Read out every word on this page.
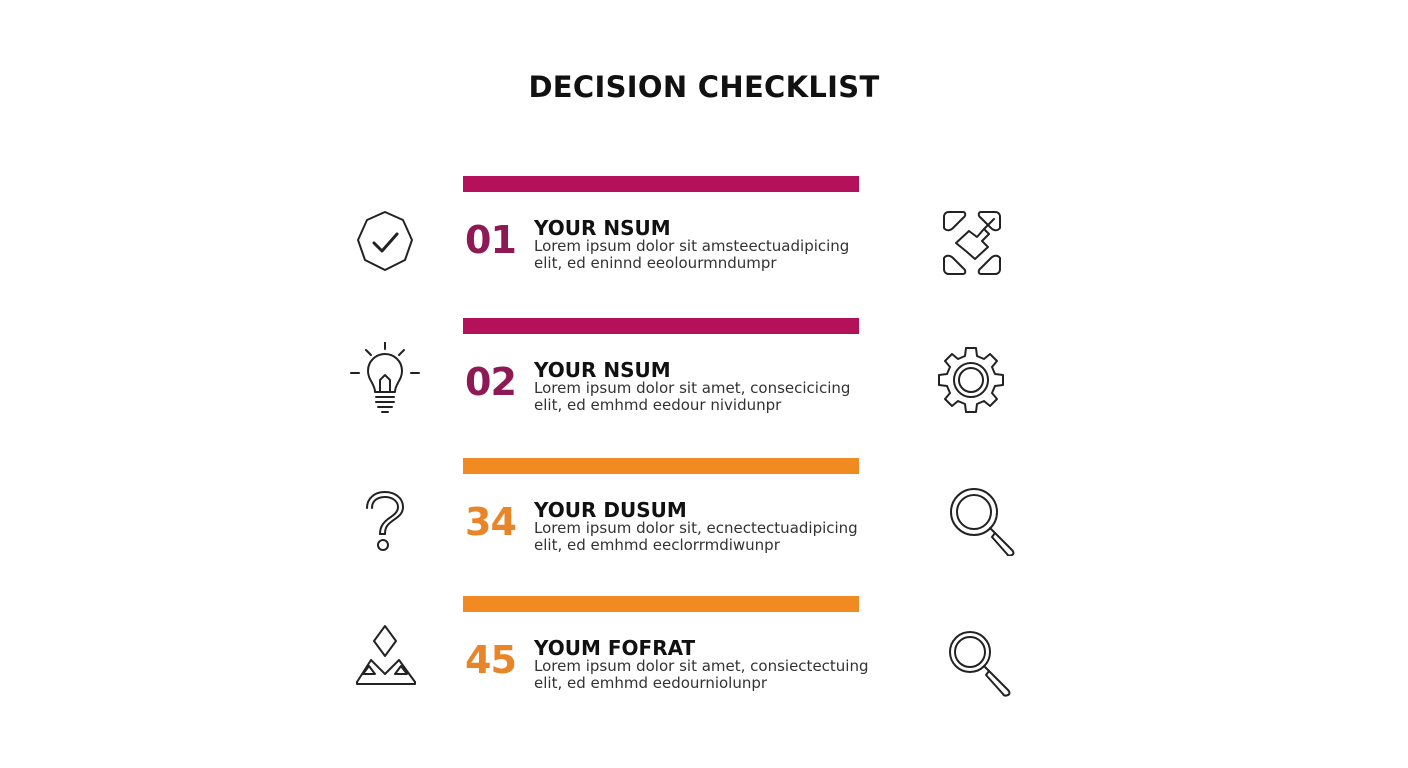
DECISION CHECKLIST
01 YOUR NSUM
Lorem ipsum dolor sit amsteectuadipicing
elit, ed eninnd eeolourmndumpr
02 YOUR NSUM
Lorem ipsum dolor sit amet, consecicicing
elit, ed emhmd eedour nividunpr
34 YOUR DUSUM
Lorem ipsum dolor sit, ecnectectuadipicing
elit, ed emhmd eeclorrmdiwunpr
45 YOUM FOFRAT
Lorem ipsum dolor sit amet, consiectectuing
elit, ed emhmd eedourniolunpr
